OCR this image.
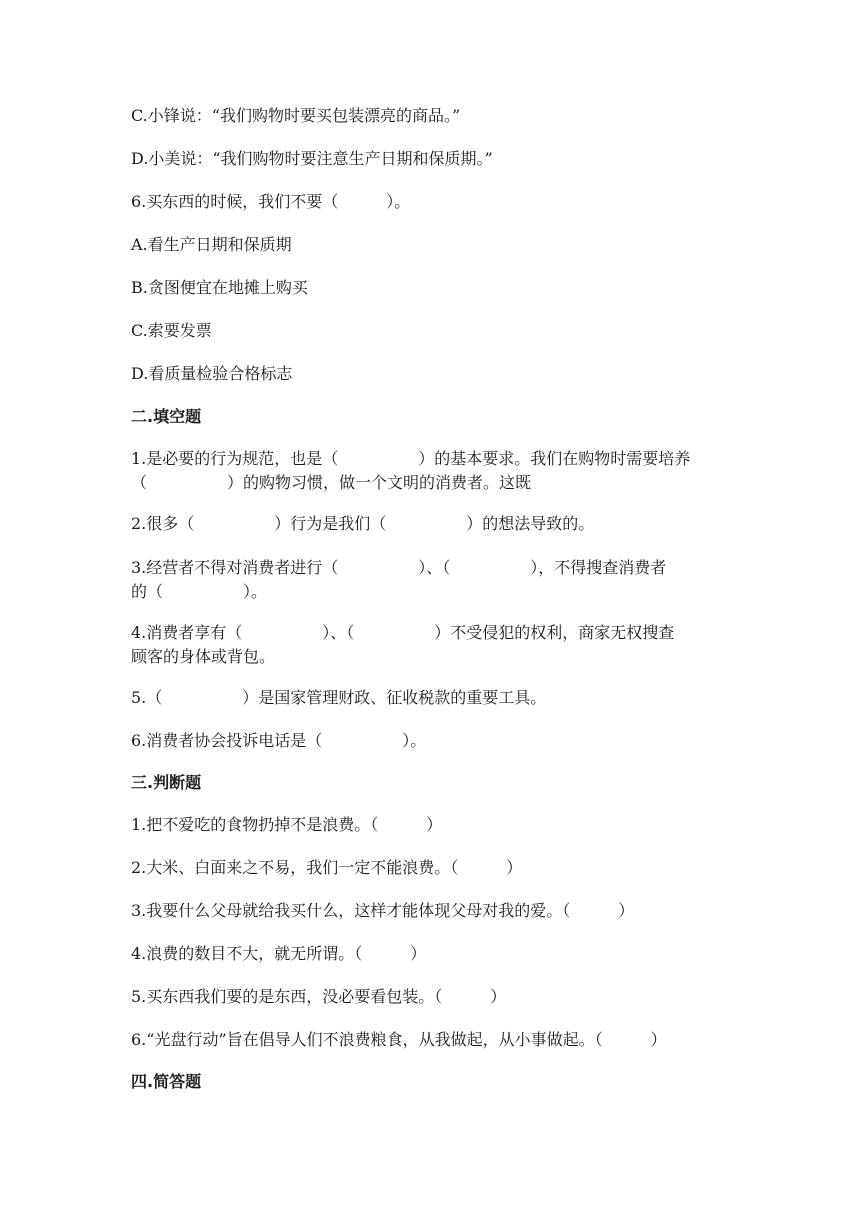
C.小锋说：“我们购物时要买包装漂亮的商品。”
D.小美说：“我们购物时要注意生产日期和保质期。”
6.买东西的时候，我们不要（　　　）。
A.看生产日期和保质期
B.贪图便宜在地摊上购买
C.索要发票
D.看质量检验合格标志
二.填空题
1.是必要的行为规范，也是（　　　　　）的基本要求。我们在购物时需要培养
（　　　　　）的购物习惯，做一个文明的消费者。这既
2.很多（　　　　　）行为是我们（　　　　　）的想法导致的。
3.经营者不得对消费者进行（　　　　　）、（　　　　　），不得搜查消费者
的（　　　　　）。
4.消费者享有（　　　　　）、（　　　　　）不受侵犯的权利，商家无权搜查
顾客的身体或背包。
5.（　　　　　）是国家管理财政、征收税款的重要工具。
6.消费者协会投诉电话是（　　　　　）。
三.判断题
1.把不爱吃的食物扔掉不是浪费。（　　　）
2.大米、白面来之不易，我们一定不能浪费。（　　　）
3.我要什么父母就给我买什么，这样才能体现父母对我的爱。（　　　）
4.浪费的数目不大，就无所谓。（　　　）
5.买东西我们要的是东西，没必要看包装。（　　　）
6.“光盘行动”旨在倡导人们不浪费粮食，从我做起，从小事做起。（　　　）
四.简答题
